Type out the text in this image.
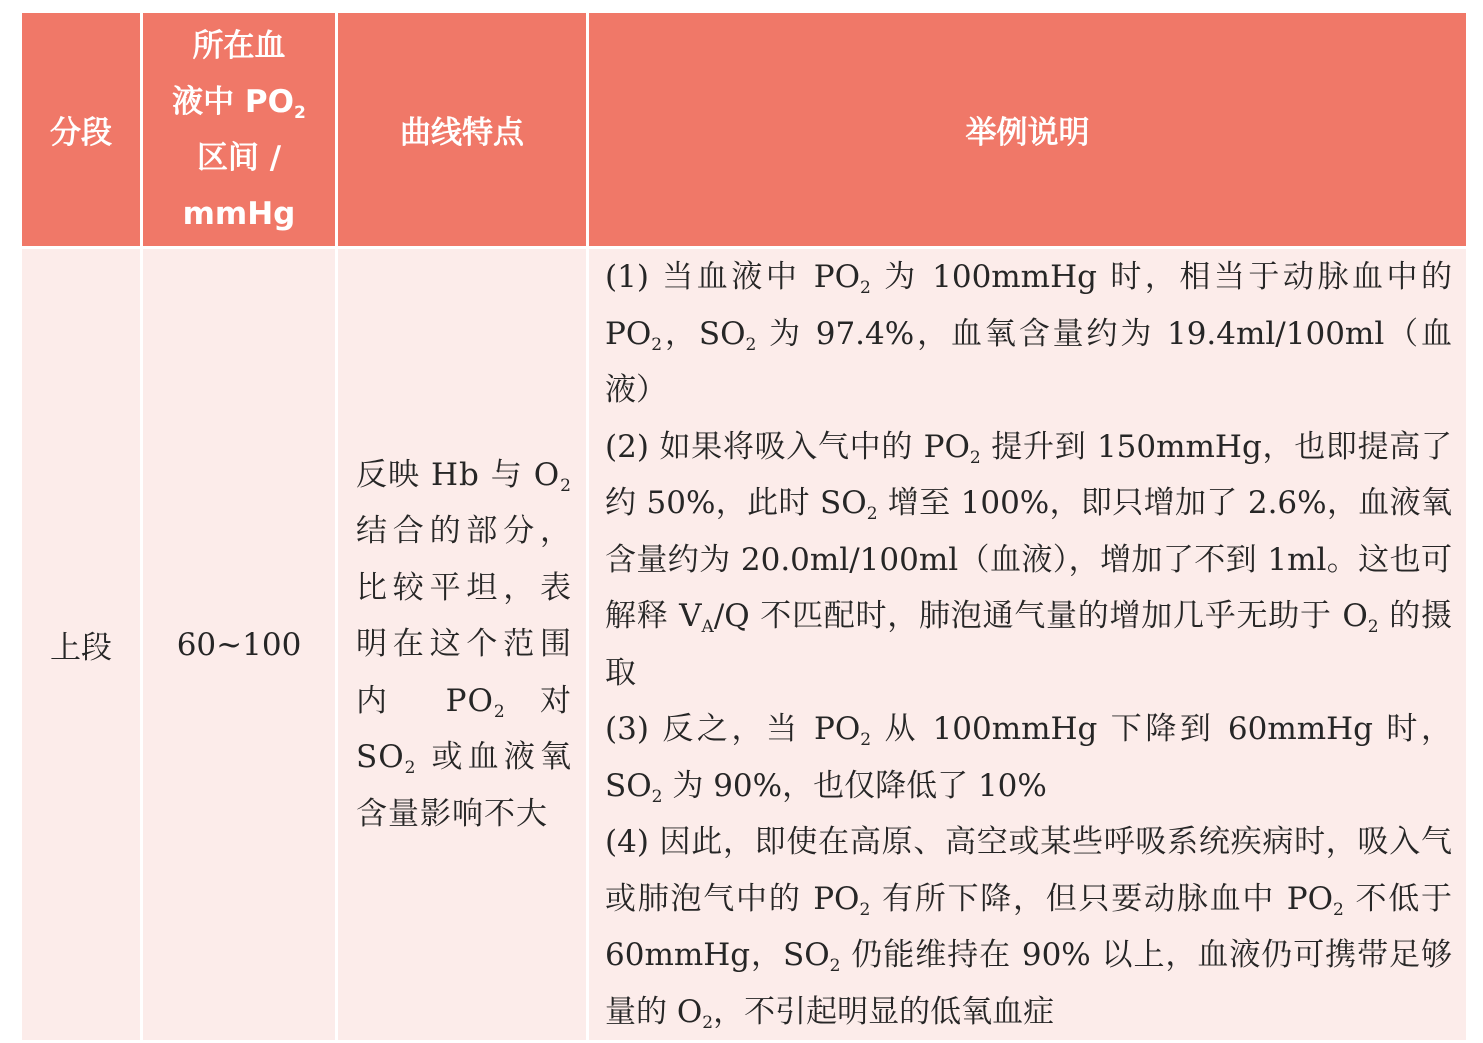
分段	所在血
液中 $PO_2$
区间 /
mmHg	曲线特点	举例说明
上段	60~100	反映 Hb 与 $O_2$ 结合的部分，比较平坦，表明在这个范围内 $PO_2$ 对 $SO_2$ 或血液氧含量影响不大	(1) 当血液中 $PO_2$ 为 100mmHg 时，相当于动脉血中的 $PO_2$，$SO_2$ 为 97.4%，血氧含量约为 19.4ml/100ml（血液）
(2) 如果将吸入气中的 $PO_2$ 提升到 150mmHg，也即提高了约 50%，此时 $SO_2$ 增至 100%，即只增加了 2.6%，血液氧含量约为 20.0ml/100ml（血液），增加了不到 1ml。这也可解释 $V_A/Q$ 不匹配时，肺泡通气量的增加几乎无助于 $O_2$ 的摄取
(3) 反之，当 $PO_2$ 从 100mmHg 下降到 60mmHg 时，$SO_2$ 为 90%，也仅降低了 10%
(4) 因此，即使在高原、高空或某些呼吸系统疾病时，吸入气或肺泡气中的 $PO_2$ 有所下降，但只要动脉血中 $PO_2$ 不低于 60mmHg，$SO_2$ 仍能维持在 90% 以上，血液仍可携带足够量的 $O_2$，不引起明显的低氧血症
